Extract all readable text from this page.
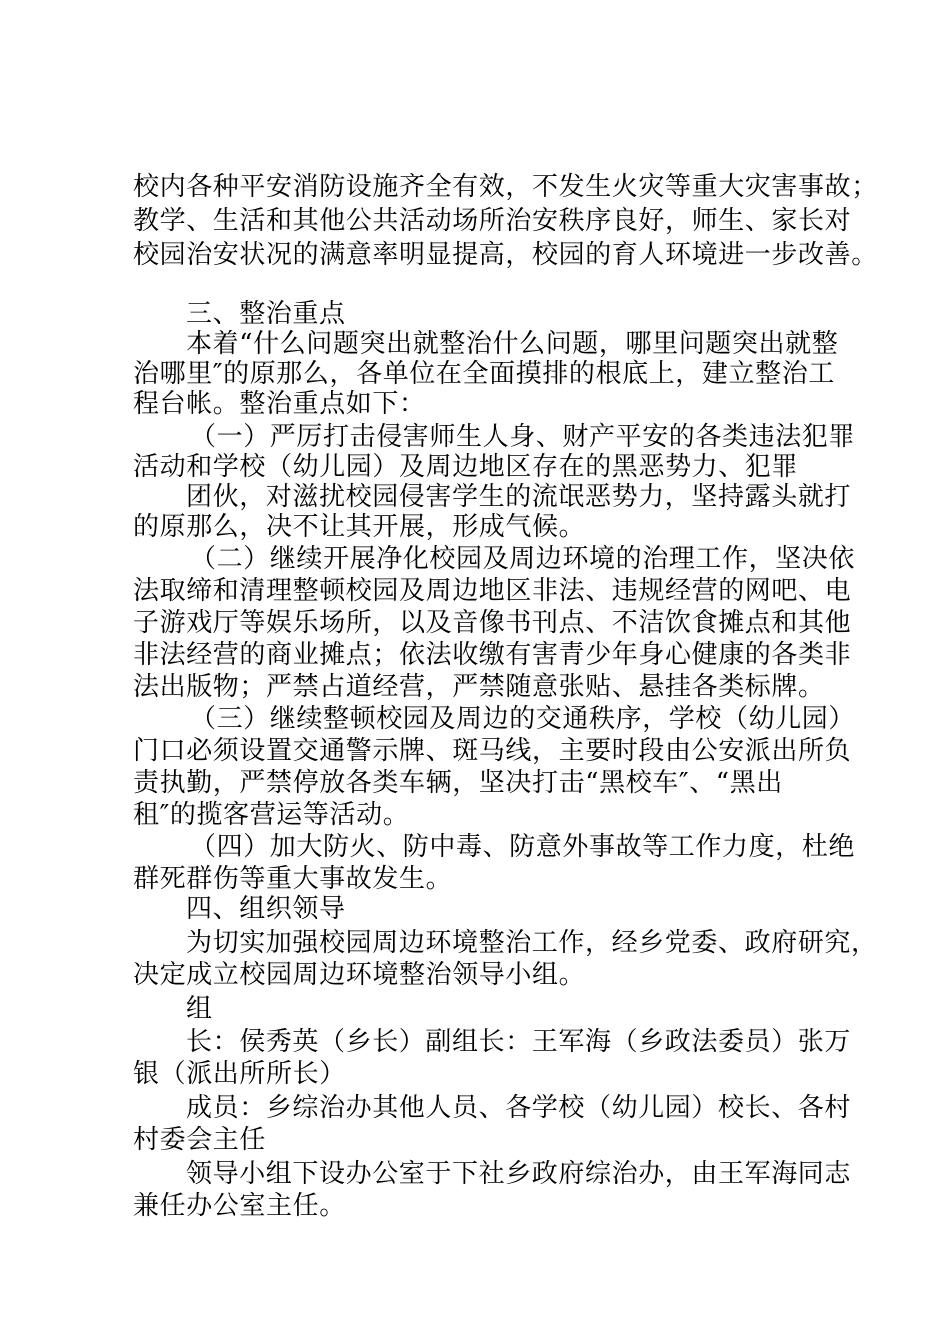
校内各种平安消防设施齐全有效，不发生火灾等重大灾害事故；
教学、生活和其他公共活动场所治安秩序良好，师生、家长对
校园治安状况的满意率明显提高，校园的育人环境进一步改善。
三、整治重点
本着“什么问题突出就整治什么问题，哪里问题突出就整
治哪里″的原那么，各单位在全面摸排的根底上，建立整治工
程台帐。整治重点如下：
（一）严厉打击侵害师生人身、财产平安的各类违法犯罪
活动和学校（幼儿园）及周边地区存在的黑恶势力、犯罪
团伙，对滋扰校园侵害学生的流氓恶势力，坚持露头就打
的原那么，决不让其开展，形成气候。
（二）继续开展净化校园及周边环境的治理工作，坚决依
法取缔和清理整顿校园及周边地区非法、违规经营的网吧、电
子游戏厅等娱乐场所，以及音像书刊点、不洁饮食摊点和其他
非法经营的商业摊点；依法收缴有害青少年身心健康的各类非
法出版物；严禁占道经营，严禁随意张贴、悬挂各类标牌。
（三）继续整顿校园及周边的交通秩序，学校（幼儿园）
门口必须设置交通警示牌、斑马线，主要时段由公安派出所负
责执勤，严禁停放各类车辆，坚决打击“黑校车″、“黑出
租″的揽客营运等活动。
（四）加大防火、防中毒、防意外事故等工作力度，杜绝
群死群伤等重大事故发生。
四、组织领导
为切实加强校园周边环境整治工作，经乡党委、政府研究，
决定成立校园周边环境整治领导小组。
组
长：侯秀英（乡长）副组长：王军海（乡政法委员）张万
银（派出所所长）
成员：乡综治办其他人员、各学校（幼儿园）校长、各村
村委会主任
领导小组下设办公室于下社乡政府综治办，由王军海同志
兼任办公室主任。
